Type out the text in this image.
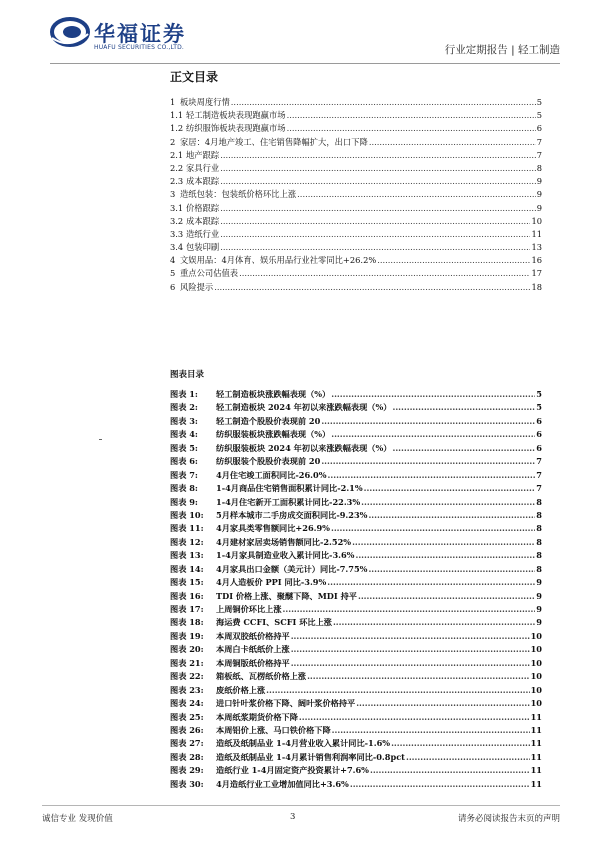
华福证券
HUAFU SECURITIES CO.,LTD.	行业定期报告 | 轻工制造
正文目录
1 板块周度行情 .....	5
1.1 轻工制造板块表现跑赢市场 .....	5
1.2 纺织服饰板块表现跑赢市场 .....	6
2 家居：4月地产竣工、住宅销售降幅扩大，出口下降 .....	7
2.1 地产跟踪 .....	7
2.2 家具行业 .....	8
2.3 成本跟踪 .....	9
3 造纸包装：包装纸价格环比上涨 .....	9
3.1 价格跟踪 .....	9
3.2 成本跟踪 .....	10
3.3 造纸行业 .....	11
3.4 包装印刷 .....	13
4 文娱用品：4月体育、娱乐用品行业社零同比+26.2% .....	16
5 重点公司估值表 .....	17
6 风险提示 .....	18
图表目录
图表 1:	轻工制造板块涨跌幅表现（%） .....	5
图表 2:	轻工制造板块 2024 年初以来涨跌幅表现（%） .....	5
图表 3:	轻工制造个股股价表现前 20 .....	6
图表 4:	纺织服装板块涨跌幅表现（%） .....	6
图表 5:	纺织服装板块 2024 年初以来涨跌幅表现（%） .....	6
图表 6:	纺织服装个股股价表现前 20 .....	7
图表 7:	4月住宅竣工面积同比-26.0% .....	7
图表 8:	1-4月商品住宅销售面积累计同比-2.1% .....	7
图表 9:	1-4月住宅新开工面积累计同比-22.3% .....	8
图表 10:	5月样本城市二手房成交面积同比-9.23% .....	8
图表 11:	4月家具类零售额同比+26.9% .....	8
图表 12:	4月建材家居卖场销售额同比-2.52% .....	8
图表 13:	1-4月家具制造业收入累计同比-3.6% .....	8
图表 14:	4月家具出口金额（美元计）同比-7.75% .....	8
图表 15:	4月人造板价 PPI 同比-3.9% .....	9
图表 16:	TDI 价格上涨、聚醚下降、MDI 持平 .....	9
图表 17:	上周铜价环比上涨 .....	9
图表 18:	海运费 CCFI、SCFI 环比上涨 .....	9
图表 19:	本周双胶纸价格持平 .....	10
图表 20:	本周白卡纸纸价上涨 .....	10
图表 21:	本周铜版纸价格持平 .....	10
图表 22:	箱板纸、瓦楞纸价格上涨 .....	10
图表 23:	废纸价格上涨 .....	10
图表 24:	进口针叶浆价格下降、阔叶浆价格持平 .....	10
图表 25:	本周纸浆期货价格下降 .....	11
图表 26:	本周铝价上涨、马口铁价格下降 .....	11
图表 27:	造纸及纸制品业 1-4月营业收入累计同比-1.6% .....	11
图表 28:	造纸及纸制品业 1-4月累计销售利润率同比-0.8pct .....	11
图表 29:	造纸行业 1-4月固定资产投资累计+7.6% .....	11
图表 30:	4月造纸行业工业增加值同比+3.6% .....	11
诚信专业 发现价值	3	请务必阅读报告末页的声明
